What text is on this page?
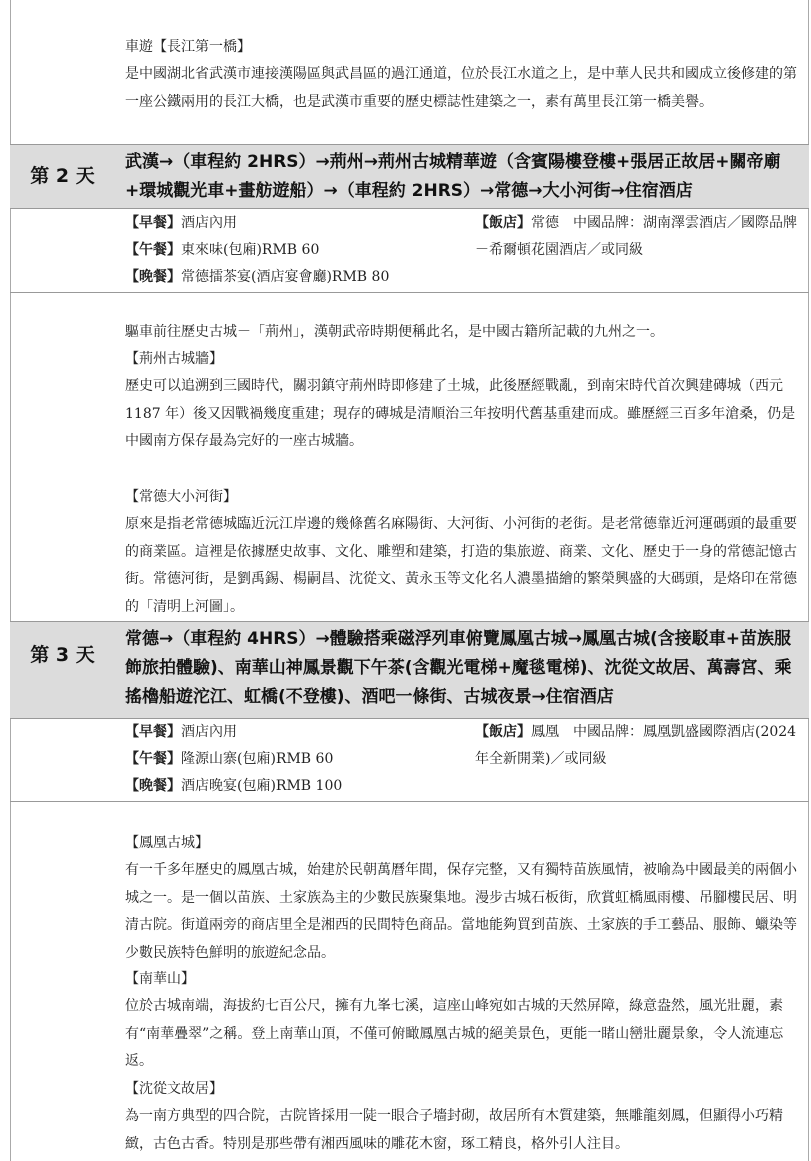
車遊【長江第一橋】

是中國湖北省武漢市連接漢陽區與武昌區的過江通道，位於長江水道之上，是中華人民共和國成立後修建的第一座公鐵兩用的長江大橋，也是武漢市重要的歷史標誌性建築之一，素有萬里長江第一橋美譽。

第 2 天

武漢→（車程約 2HRS）→荊州→荊州古城精華遊（含賓陽樓登樓+張居正故居+關帝廟+環城觀光車+畫舫遊船）→（車程約 2HRS）→常德→大小河街→住宿酒店

【早餐】酒店內用

【午餐】東來味(包廂)RMB 60

【晚餐】常德擂茶宴(酒店宴會廳)RMB 80

【飯店】常德　中國品牌：湖南澤雲酒店／國際品牌－希爾頓花園酒店／或同級

驅車前往歷史古城－「荊州」，漢朝武帝時期便稱此名，是中國古籍所記載的九州之一。

【荊州古城牆】

歷史可以追溯到三國時代，關羽鎮守荊州時即修建了土城，此後歷經戰亂，到南宋時代首次興建磚城（西元 1187 年）後又因戰禍幾度重建；現存的磚城是清順治三年按明代舊基重建而成。雖歷經三百多年滄桑，仍是中國南方保存最為完好的一座古城牆。

【常德大小河街】

原來是指老常德城臨近沅江岸邊的幾條舊名麻陽街、大河街、小河街的老街。是老常德靠近河運碼頭的最重要的商業區。這裡是依據歷史故事、文化、雕塑和建築，打造的集旅遊、商業、文化、歷史于一身的常德記憶古街。常德河街，是劉禹錫、楊嗣昌、沈從文、黃永玉等文化名人濃墨描繪的繁榮興盛的大碼頭，是烙印在常德的「清明上河圖」。

第 3 天

常德→（車程約 4HRS）→體驗搭乘磁浮列車俯覽鳳凰古城→鳳凰古城(含接駁車+苗族服飾旅拍體驗)、南華山神鳳景觀下午茶(含觀光電梯+魔毯電梯)、沈從文故居、萬壽宮、乘搖櫓船遊沱江、虹橋(不登樓)、酒吧一條街、古城夜景→住宿酒店

【早餐】酒店內用

【午餐】隆源山寨(包廂)RMB 60

【晚餐】酒店晚宴(包廂)RMB 100

【飯店】鳳凰　中國品牌：鳳凰凱盛國際酒店(2024 年全新開業)／或同級

【鳳凰古城】

有一千多年歷史的鳳凰古城，始建於民朝萬曆年間，保存完整，又有獨特苗族風情，被喻為中國最美的兩個小城之一。是一個以苗族、土家族為主的少數民族聚集地。漫步古城石板街，欣賞虹橋風雨樓、吊腳樓民居、明清古院。街道兩旁的商店里全是湘西的民間特色商品。當地能夠買到苗族、土家族的手工藝品、服飾、蠟染等少數民族特色鮮明的旅遊紀念品。

【南華山】

位於古城南端，海拔約七百公尺，擁有九峯七溪，這座山峰宛如古城的天然屏障，綠意盎然，風光壯麗，素有“南華疊翠”之稱。登上南華山頂，不僅可俯瞰鳳凰古城的絕美景色，更能一睹山巒壯麗景象，令人流連忘返。

【沈從文故居】

為一南方典型的四合院，古院皆採用一陡一眼合子墻封砌，故居所有木質建築，無雕龍刻鳳，但顯得小巧精緻，古色古香。特別是那些帶有湘西風味的雕花木窗，琢工精良，格外引人注目。
